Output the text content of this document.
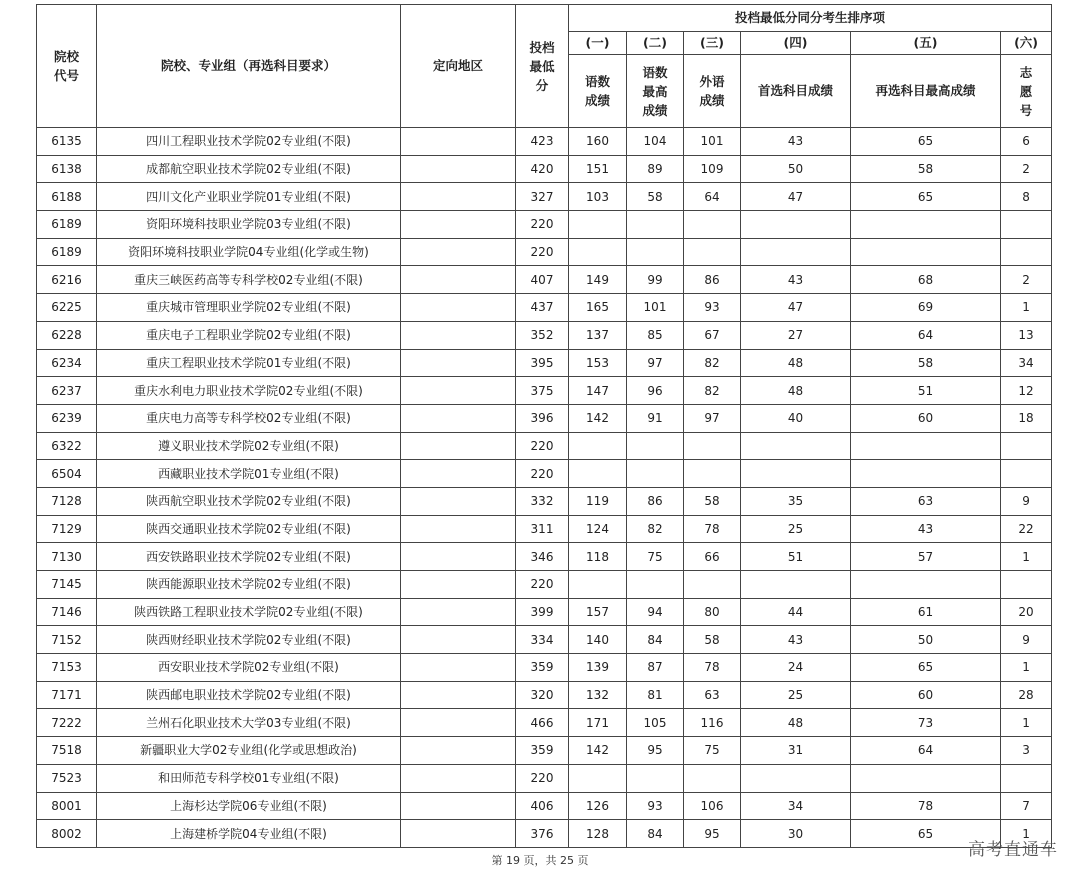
院校代号	院校、专业组（再选科目要求）	定向地区	投档最低分	投档最低分同分考生排序项					
				(一)	(二)	(三)	(四)	(五)	(六)
				语数成绩	语数最高成绩	外语成绩	首选科目成绩	再选科目最高成绩	志愿号
6135	四川工程职业技术学院02专业组(不限)		423	160	104	101	43	65	6
6138	成都航空职业技术学院02专业组(不限)		420	151	89	109	50	58	2
6188	四川文化产业职业学院01专业组(不限)		327	103	58	64	47	65	8
6189	资阳环境科技职业学院03专业组(不限)		220						
6189	资阳环境科技职业学院04专业组(化学或生物)		220						
6216	重庆三峡医药高等专科学校02专业组(不限)		407	149	99	86	43	68	2
6225	重庆城市管理职业学院02专业组(不限)		437	165	101	93	47	69	1
6228	重庆电子工程职业学院02专业组(不限)		352	137	85	67	27	64	13
6234	重庆工程职业技术学院01专业组(不限)		395	153	97	82	48	58	34
6237	重庆水利电力职业技术学院02专业组(不限)		375	147	96	82	48	51	12
6239	重庆电力高等专科学校02专业组(不限)		396	142	91	97	40	60	18
6322	遵义职业技术学院02专业组(不限)		220						
6504	西藏职业技术学院01专业组(不限)		220						
7128	陕西航空职业技术学院02专业组(不限)		332	119	86	58	35	63	9
7129	陕西交通职业技术学院02专业组(不限)		311	124	82	78	25	43	22
7130	西安铁路职业技术学院02专业组(不限)		346	118	75	66	51	57	1
7145	陕西能源职业技术学院02专业组(不限)		220						
7146	陕西铁路工程职业技术学院02专业组(不限)		399	157	94	80	44	61	20
7152	陕西财经职业技术学院02专业组(不限)		334	140	84	58	43	50	9
7153	西安职业技术学院02专业组(不限)		359	139	87	78	24	65	1
7171	陕西邮电职业技术学院02专业组(不限)		320	132	81	63	25	60	28
7222	兰州石化职业技术大学03专业组(不限)		466	171	105	116	48	73	1
7518	新疆职业大学02专业组(化学或思想政治)		359	142	95	75	31	64	3
7523	和田师范专科学校01专业组(不限)		220						
8001	上海杉达学院06专业组(不限)		406	126	93	106	34	78	7
8002	上海建桥学院04专业组(不限)		376	128	84	95	30	65	1
第 19 页，共 25 页
高考直通车
